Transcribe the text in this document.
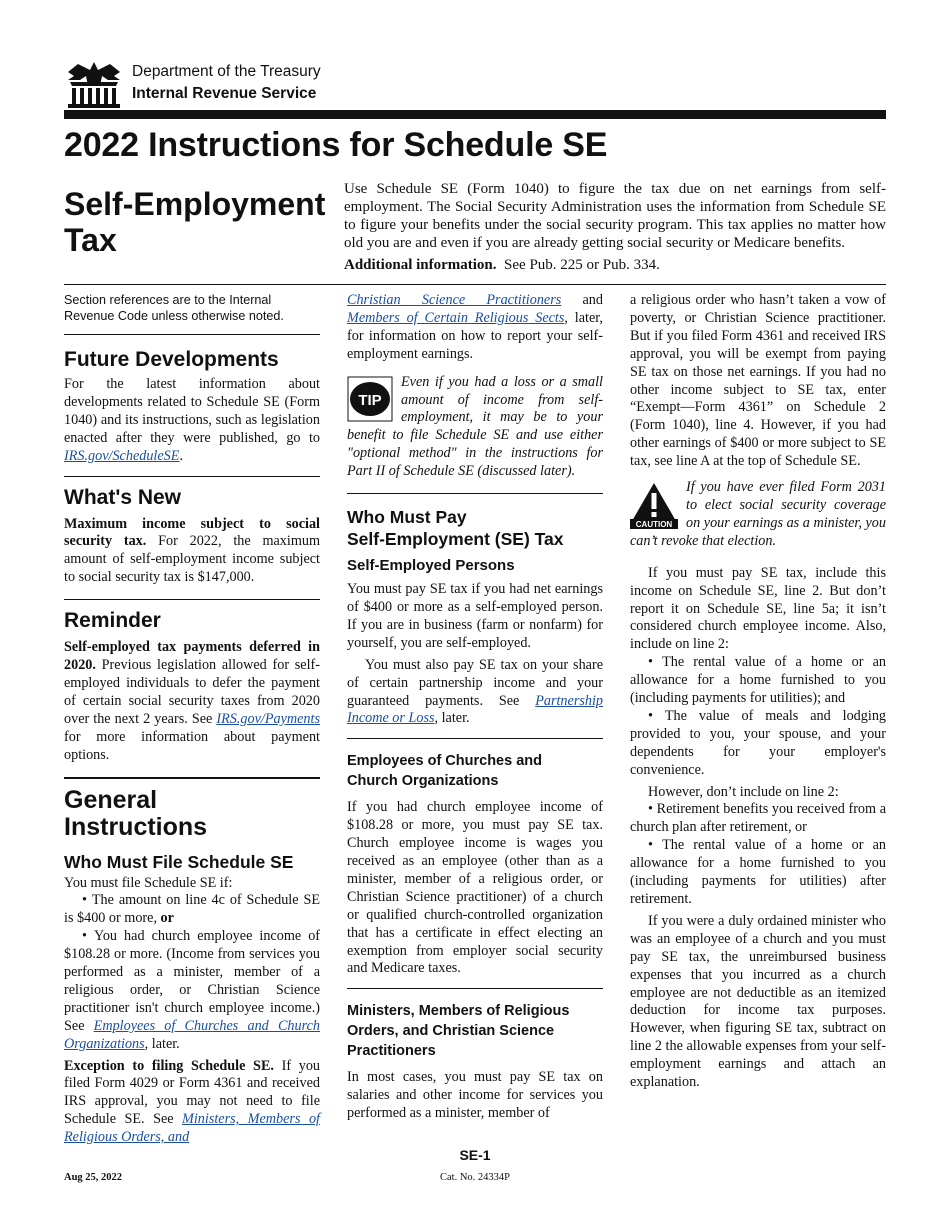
Department of the Treasury
Internal Revenue Service
2022 Instructions for Schedule SE
Self-Employment
Tax

Use Schedule SE (Form 1040) to figure the tax due on net earnings from self-employment. The Social Security Administration uses the information from Schedule SE to figure your benefits under the social security program. This tax applies no matter how old you are and even if you are already getting social security or Medicare benefits.

Additional information. See Pub. 225 or Pub. 334.

Section references are to the Internal Revenue Code unless otherwise noted.

Future Developments

For the latest information about developments related to Schedule SE (Form 1040) and its instructions, such as legislation enacted after they were published, go to IRS.gov/ScheduleSE.

What's New

Maximum income subject to social security tax. For 2022, the maximum amount of self-employment income subject to social security tax is $147,000.

Reminder

Self-employed tax payments deferred in 2020. Previous legislation allowed for self-employed individuals to defer the payment of certain social security taxes from 2020 over the next 2 years. See IRS.gov/Payments for more information about payment options.

General
Instructions

Who Must File Schedule SE

You must file Schedule SE if:

• The amount on line 4c of Schedule SE is $400 or more, or

• You had church employee income of $108.28 or more. (Income from services you performed as a minister, member of a religious order, or Christian Science practitioner isn't church employee income.) See Employees of Churches and Church Organizations, later.

Exception to filing Schedule SE. If you filed Form 4029 or Form 4361 and received IRS approval, you may not need to file Schedule SE. See Ministers, Members of Religious Orders, and

Christian Science Practitioners and Members of Certain Religious Sects, later, for information on how to report your self-employment earnings.

TIP

Even if you had a loss or a small amount of income from self-employment, it may be to your benefit to file Schedule SE and use either "optional method" in the instructions for Part II of Schedule SE (discussed later).

Who Must Pay
Self-Employment (SE) Tax

Self-Employed Persons

You must pay SE tax if you had net earnings of $400 or more as a self-employed person. If you are in business (farm or nonfarm) for yourself, you are self-employed.

You must also pay SE tax on your share of certain partnership income and your guaranteed payments. See Partnership Income or Loss, later.

Employees of Churches and
Church Organizations

If you had church employee income of $108.28 or more, you must pay SE tax. Church employee income is wages you received as an employee (other than as a minister, member of a religious order, or Christian Science practitioner) of a church or qualified church-controlled organization that has a certificate in effect electing an exemption from employer social security and Medicare taxes.

Ministers, Members of Religious
Orders, and Christian Science
Practitioners

In most cases, you must pay SE tax on salaries and other income for services you performed as a minister, member of

a religious order who hasn’t taken a vow of poverty, or Christian Science practitioner. But if you filed Form 4361 and received IRS approval, you will be exempt from paying SE tax on those net earnings. If you had no other income subject to SE tax, enter “Exempt—Form 4361” on Schedule 2 (Form 1040), line 4. However, if you had other earnings of $400 or more subject to SE tax, see line A at the top of Schedule SE.

CAUTION

If you have ever filed Form 2031 to elect social security coverage on your earnings as a minister, you can’t revoke that election.

If you must pay SE tax, include this income on Schedule SE, line 2. But don’t report it on Schedule SE, line 5a; it isn’t considered church employee income. Also, include on line 2:

• The rental value of a home or an allowance for a home furnished to you (including payments for utilities); and

• The value of meals and lodging provided to you, your spouse, and your dependents for your employer's convenience.

However, don’t include on line 2:

• Retirement benefits you received from a church plan after retirement, or

• The rental value of a home or an allowance for a home furnished to you (including payments for utilities) after retirement.

If you were a duly ordained minister who was an employee of a church and you must pay SE tax, the unreimbursed business expenses that you incurred as a church employee are not deductible as an itemized deduction for income tax purposes. However, when figuring SE tax, subtract on line 2 the allowable expenses from your self-employment earnings and attach an explanation.

SE-1
Aug 25, 2022	Cat. No. 24334P
